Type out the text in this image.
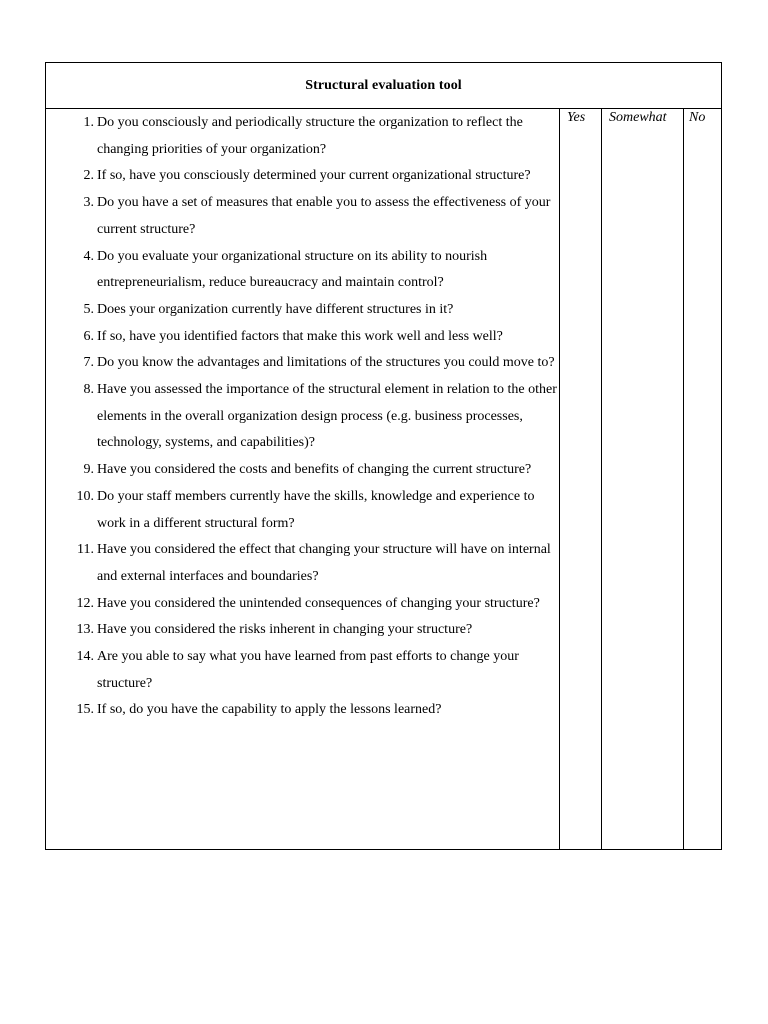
Structural evaluation tool
Yes Somewhat No
1. Do you consciously and periodically structure the organization to reflect the changing priorities of your organization?
2. If so, have you consciously determined your current organizational structure?
3. Do you have a set of measures that enable you to assess the effectiveness of your current structure?
4. Do you evaluate your organizational structure on its ability to nourish entrepreneurialism, reduce bureaucracy and maintain control?
5. Does your organization currently have different structures in it?
6. If so, have you identified factors that make this work well and less well?
7. Do you know the advantages and limitations of the structures you could move to?
8. Have you assessed the importance of the structural element in relation to the other elements in the overall organization design process (e.g. business processes, technology, systems, and capabilities)?
9. Have you considered the costs and benefits of changing the current structure?
10. Do your staff members currently have the skills, knowledge and experience to work in a different structural form?
11. Have you considered the effect that changing your structure will have on internal and external interfaces and boundaries?
12. Have you considered the unintended consequences of changing your structure?
13. Have you considered the risks inherent in changing your structure?
14. Are you able to say what you have learned from past efforts to change your structure?
15. If so, do you have the capability to apply the lessons learned?
